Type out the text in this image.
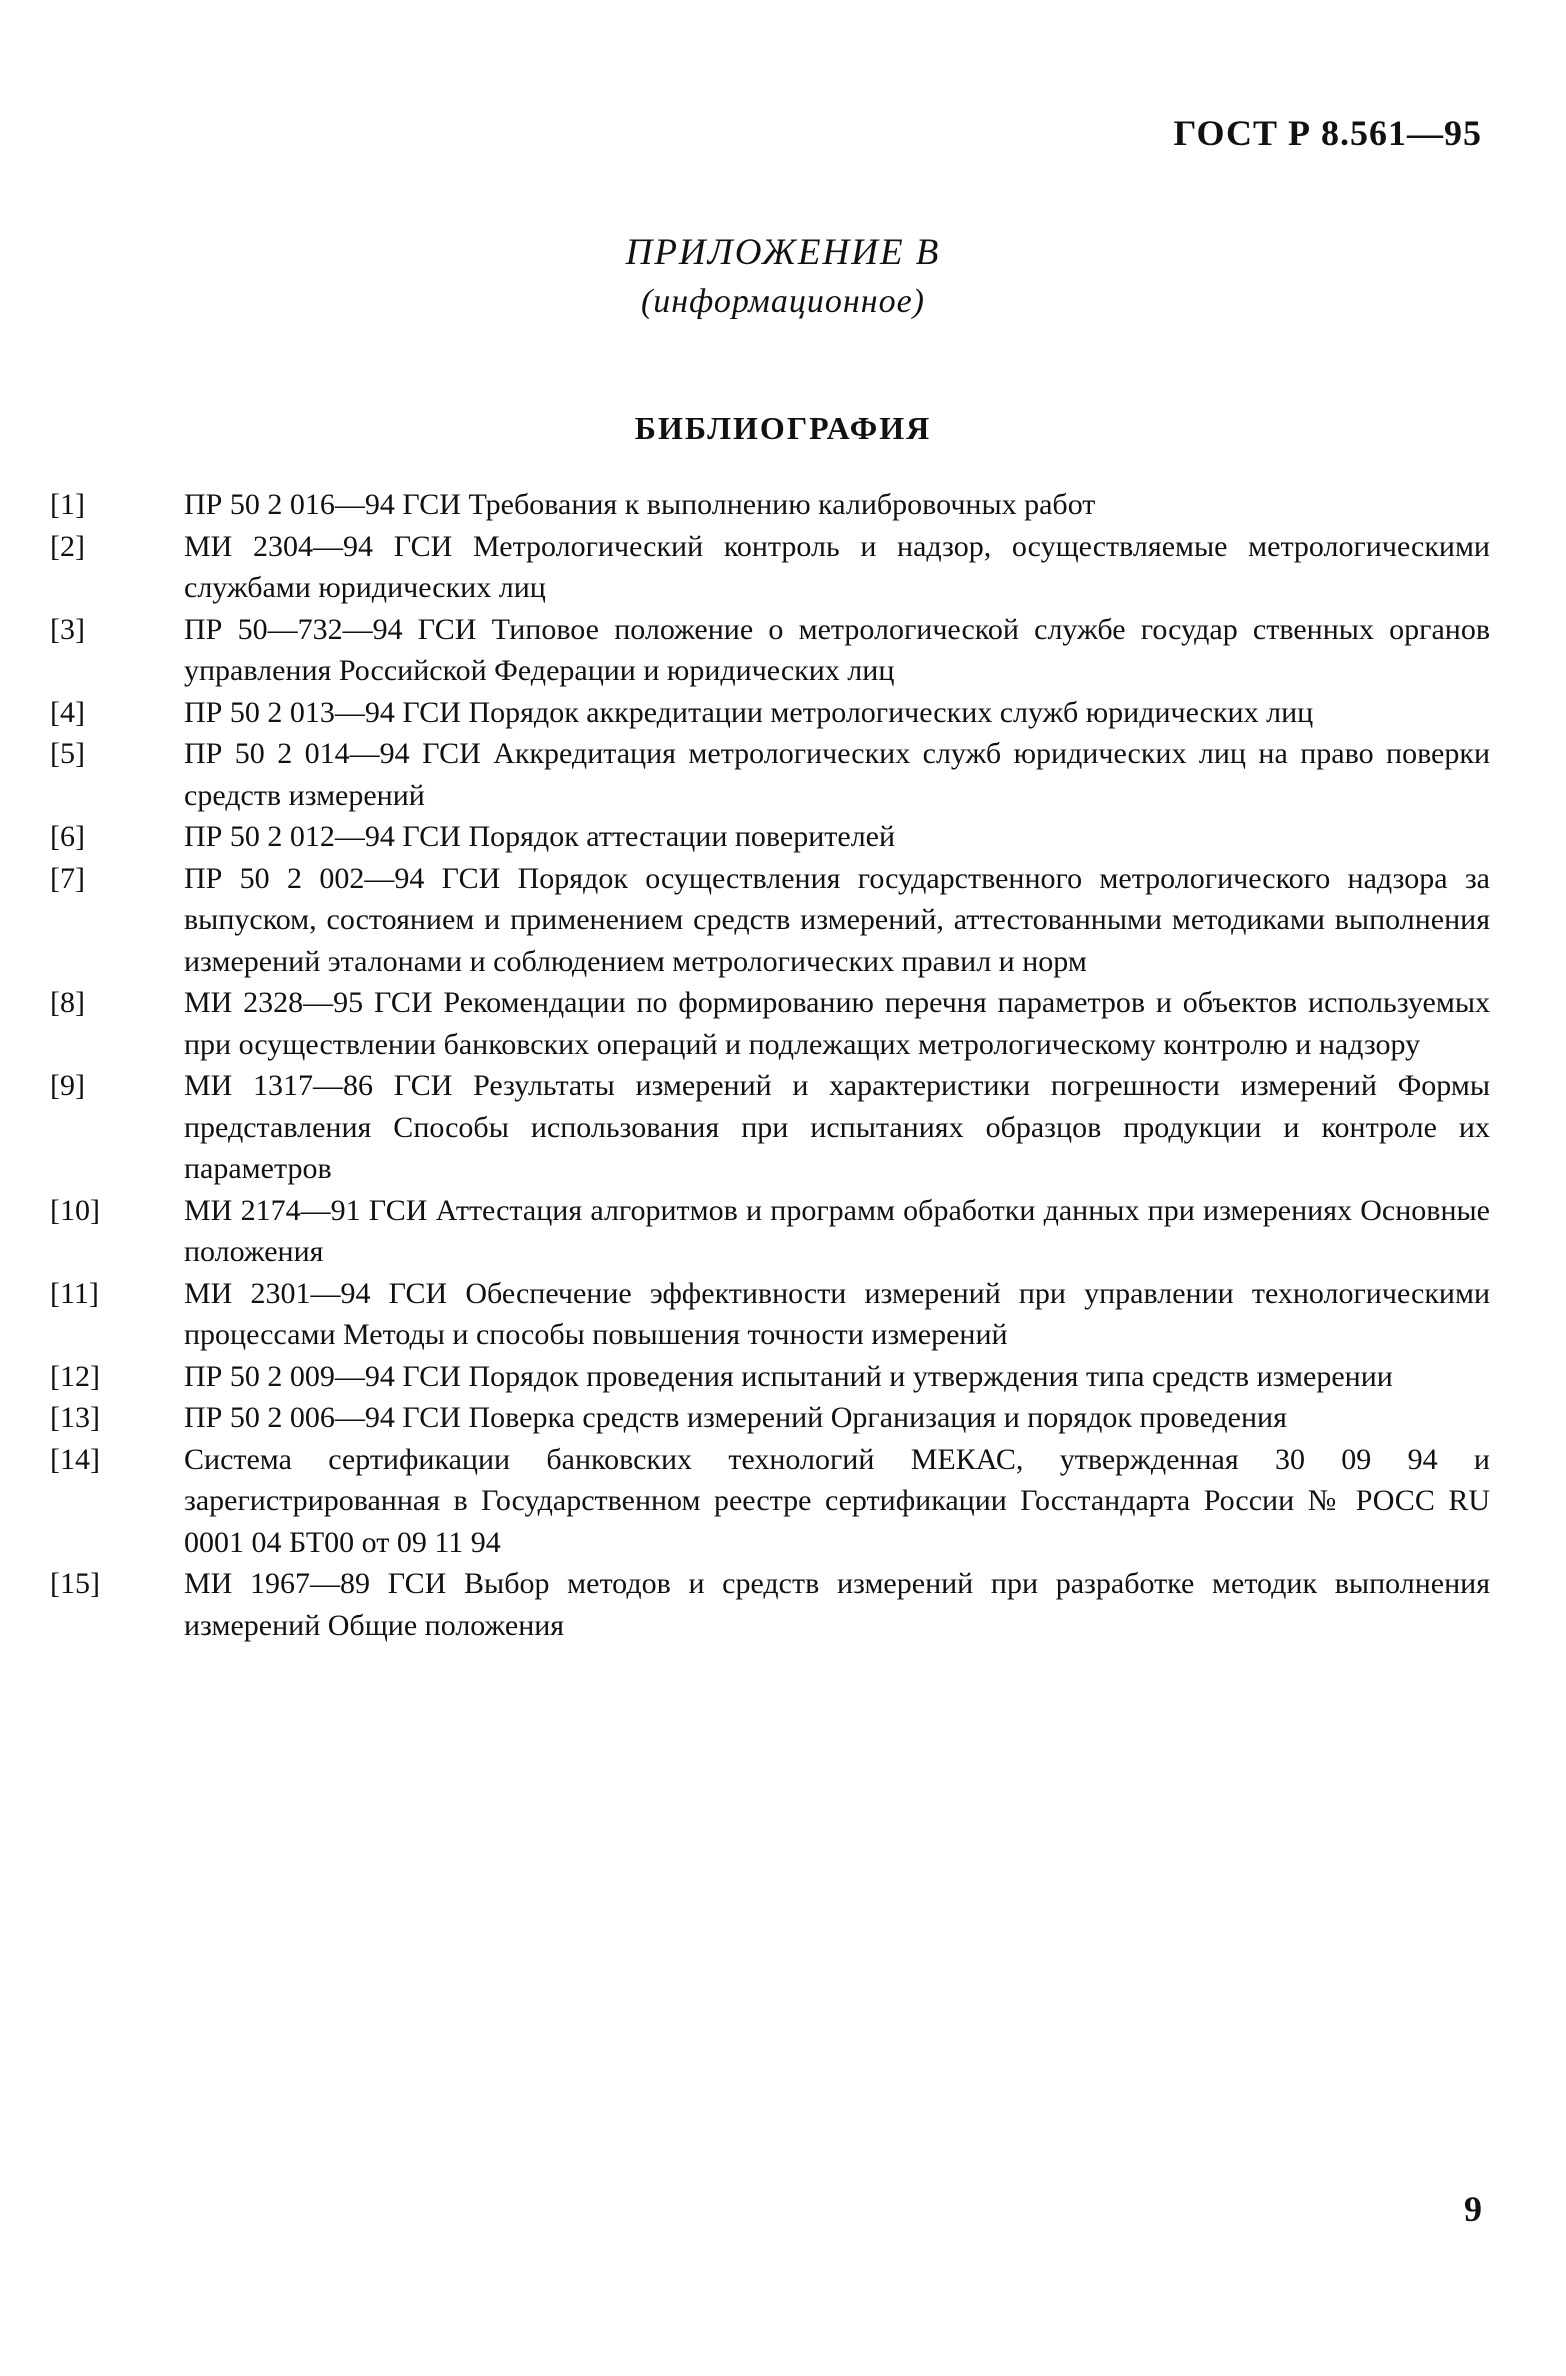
ГОСТ Р 8.561—95
ПРИЛОЖЕНИЕ В
(информационное)
БИБЛИОГРАФИЯ
[1]	ПР 50 2 016—94 ГСИ Требования к выполнению калибровочных работ
[2]	МИ 2304—94 ГСИ Метрологический контроль и надзор, осуществляемые метрологическими службами юридических лиц
[3]	ПР 50—732—94 ГСИ Типовое положение о метрологической службе государ ственных органов управления Российской Федерации и юридических лиц
[4]	ПР 50 2 013—94 ГСИ Порядок аккредитации метрологических служб юридических лиц
[5]	ПР 50 2 014—94 ГСИ Аккредитация метрологических служб юридических лиц на право поверки средств измерений
[6]	ПР 50 2 012—94 ГСИ Порядок аттестации поверителей
[7]	ПР 50 2 002—94 ГСИ Порядок осуществления государственного метрологического надзора за выпуском, состоянием и применением средств измерений, аттестованными методиками выполнения измерений эталонами и соблюдением метрологических правил и норм
[8]	МИ 2328—95 ГСИ Рекомендации по формированию перечня параметров и объектов используемых при осуществлении банковских операций и подлежащих метрологическому контролю и надзору
[9]	МИ 1317—86 ГСИ Результаты измерений и характеристики погрешности измерений Формы представления Способы использования при испытаниях образцов продукции и контроле их параметров
[10]	МИ 2174—91 ГСИ Аттестация алгоритмов и программ обработки данных при измерениях Основные положения
[11]	МИ 2301—94 ГСИ Обеспечение эффективности измерений при управлении технологическими процессами Методы и способы повышения точности измерений
[12]	ПР 50 2 009—94 ГСИ Порядок проведения испытаний и утверждения типа средств измерении
[13]	ПР 50 2 006—94 ГСИ Поверка средств измерений Организация и порядок проведения
[14]	Система сертификации банковских технологий МЕКАС, утвержденная 30 09 94 и зарегистрированная в Государственном реестре сертификации Госстандарта России № РОСС RU 0001 04 БТ00 от 09 11 94
[15]	МИ 1967—89 ГСИ Выбор методов и средств измерений при разработке методик выполнения измерений Общие положения
9
